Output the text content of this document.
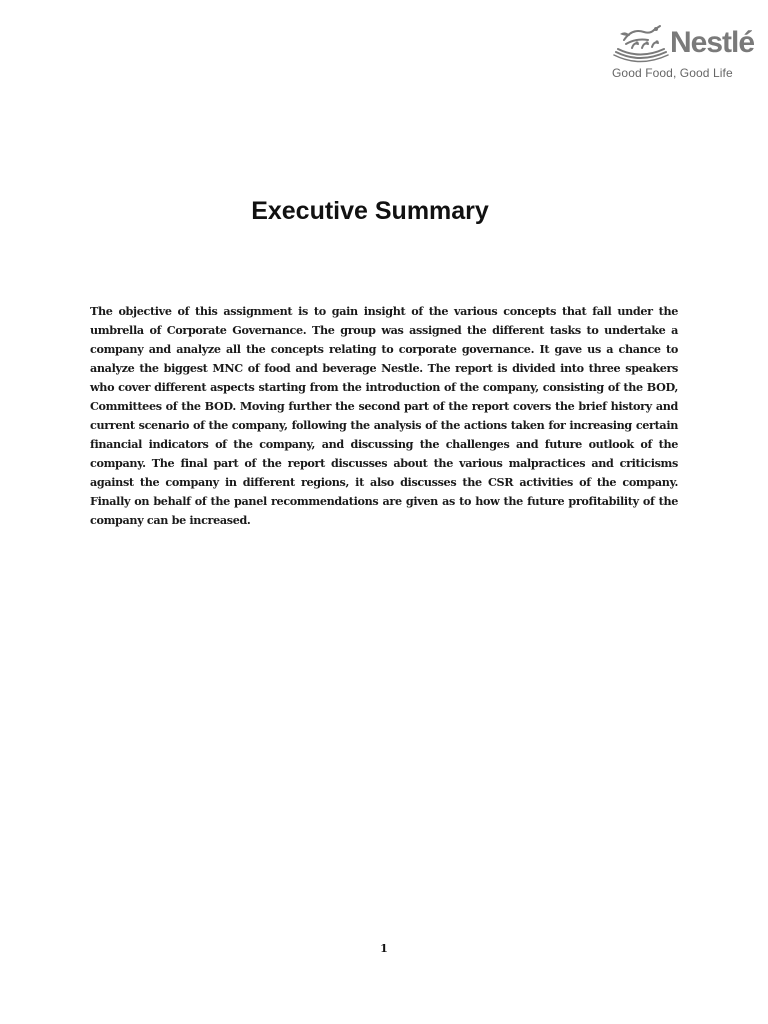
Nestlé
Good Food, Good Life
Executive Summary

The objective of this assignment is to gain insight of the various concepts that fall under the umbrella of Corporate Governance. The group was assigned the different tasks to undertake a company and analyze all the concepts relating to corporate governance. It gave us a chance to analyze the biggest MNC of food and beverage Nestle. The report is divided into three speakers who cover different aspects starting from the introduction of the company, consisting of the BOD, Committees of the BOD. Moving further the second part of the report covers the brief history and current scenario of the company, following the analysis of the actions taken for increasing certain financial indicators of the company, and discussing the challenges and future outlook of the company. The final part of the report discusses about the various malpractices and criticisms against the company in different regions, it also discusses the CSR activities of the company. Finally on behalf of the panel recommendations are given as to how the future profitability of the company can be increased.

1
